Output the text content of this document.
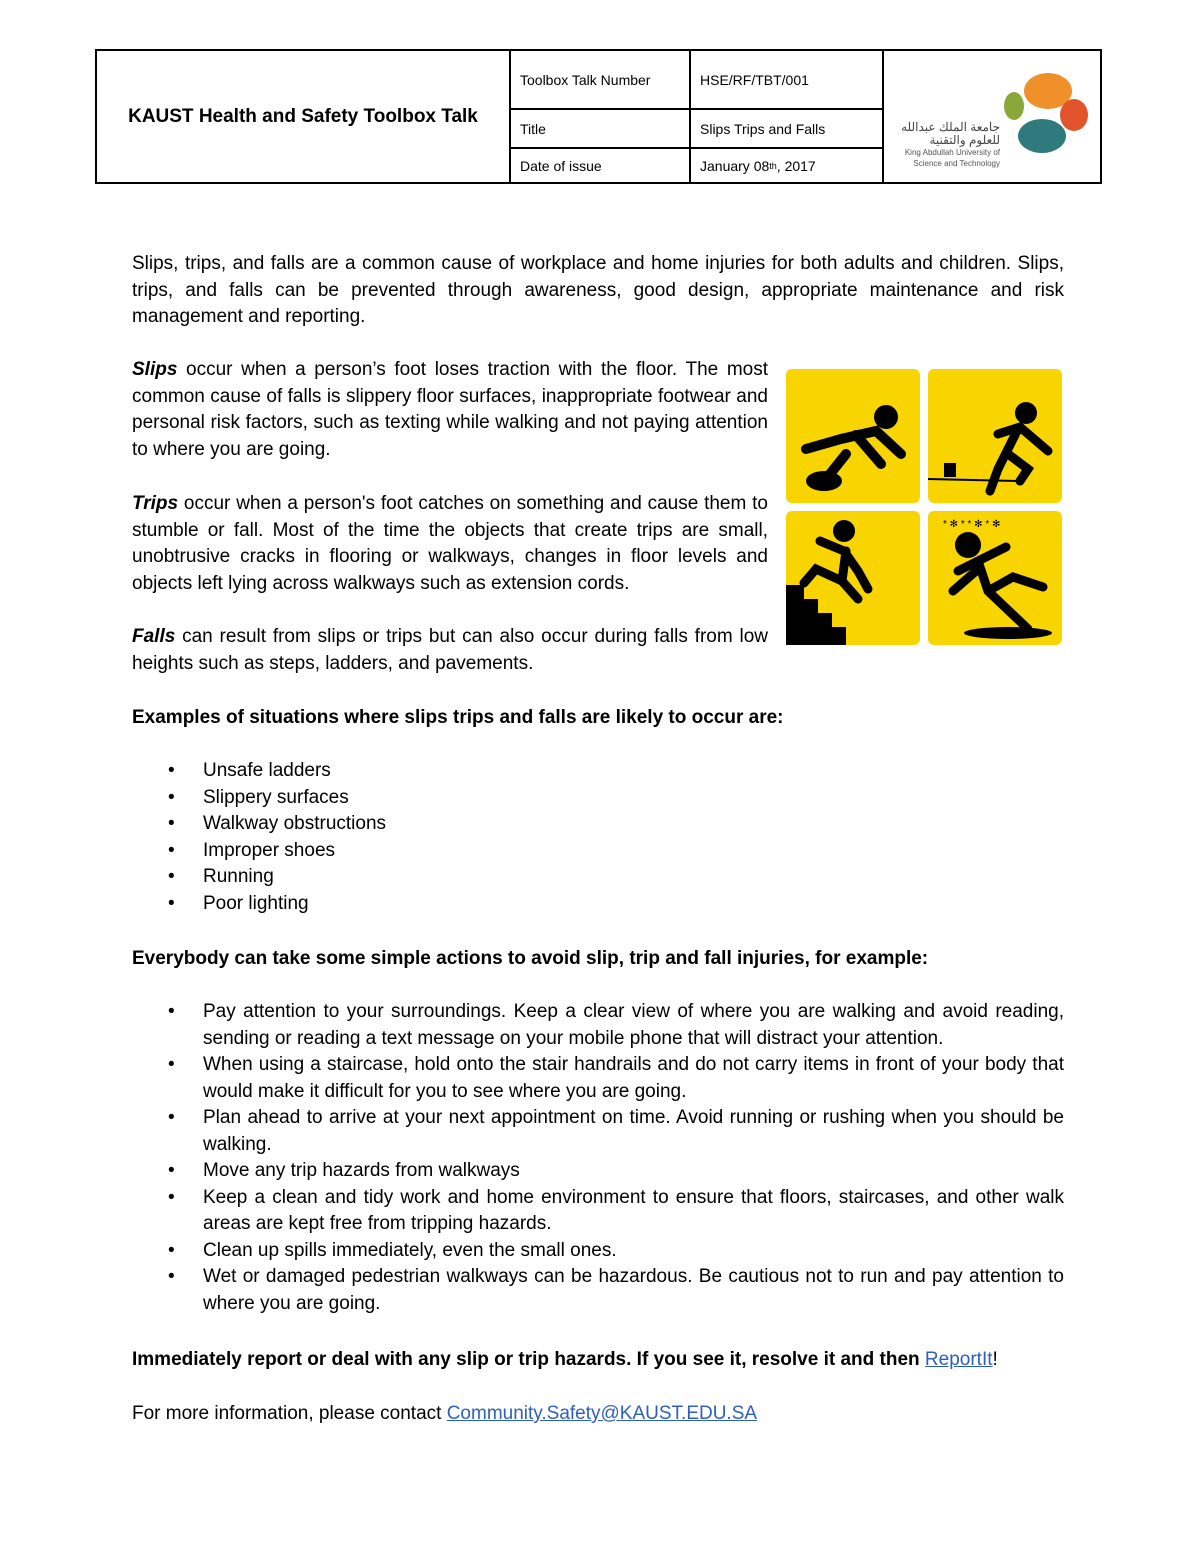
KAUST Health and Safety Toolbox Talk
Toolbox Talk Number	HSE/RF/TBT/001
Title	Slips Trips and Falls
Date of issue	January 08 th , 2017
جامعة الملك عبدالله
للعلوم والتقنية
King Abdullah University of
Science and Technology

Slips, trips, and falls are a common cause of workplace and home injuries for both adults and children. Slips, trips, and falls can be prevented through awareness, good design, appropriate maintenance and risk management and reporting.

Slips occur when a person’s foot loses traction with the floor. The most common cause of falls is slippery floor surfaces, inappropriate footwear and personal risk factors, such as texting while walking and not paying attention to where you are going.

Trips occur when a person's foot catches on something and cause them to stumble or fall. Most of the time the objects that create trips are small, unobtrusive cracks in flooring or walkways, changes in floor levels and objects left lying across walkways such as extension cords.

Falls can result from slips or trips but can also occur during falls from low heights such as steps, ladders, and pavements.

* ✻ * * ✻ * ✻
Examples of situations where slips trips and falls are likely to occur are:
• Unsafe ladders
• Slippery surfaces
• Walkway obstructions
• Improper shoes
• Running
• Poor lighting
Everybody can take some simple actions to avoid slip, trip and fall injuries, for example:
• Pay attention to your surroundings. Keep a clear view of where you are walking and avoid reading, sending or reading a text message on your mobile phone that will distract your attention.
• When using a staircase, hold onto the stair handrails and do not carry items in front of your body that would make it difficult for you to see where you are going.
• Plan ahead to arrive at your next appointment on time. Avoid running or rushing when you should be walking.
• Move any trip hazards from walkways
• Keep a clean and tidy work and home environment to ensure that floors, staircases, and other walk areas are kept free from tripping hazards.
• Clean up spills immediately, even the small ones.
• Wet or damaged pedestrian walkways can be hazardous. Be cautious not to run and pay attention to where you are going.
Immediately report or deal with any slip or trip hazards. If you see it, resolve it and then ReportIt!
For more information, please contact Community.Safety@KAUST.EDU.SA
